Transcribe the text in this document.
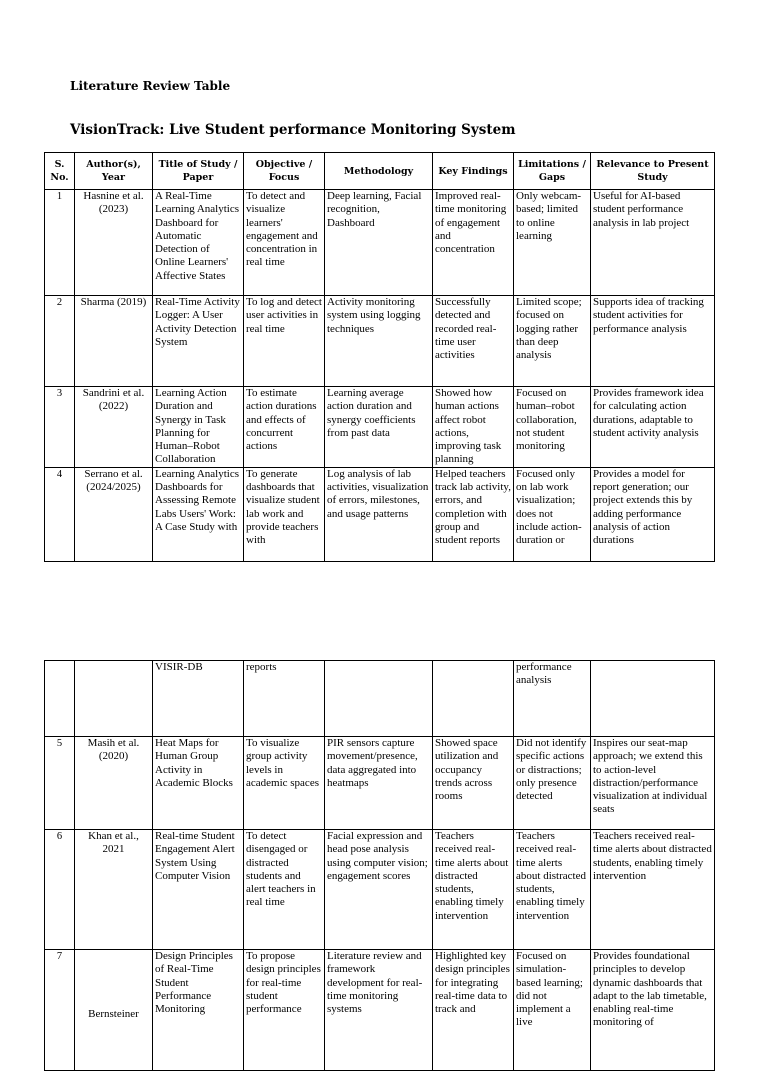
Literature Review Table
VisionTrack: Live Student performance Monitoring System
S. No.	Author(s), Year	Title of Study / Paper	Objective / Focus	Methodology	Key Findings	Limitations / Gaps	Relevance to Present Study
1	Hasnine et al. (2023)	A Real-Time Learning Analytics Dashboard for Automatic Detection of Online Learners' Affective States	To detect and visualize learners' engagement and concentration in real time	Deep learning, Facial recognition, Dashboard	Improved real-time monitoring of engagement and concentration	Only webcam-based; limited to online learning	Useful for AI-based student performance analysis in lab project
2	Sharma (2019)	Real-Time Activity Logger: A User Activity Detection System	To log and detect user activities in real time	Activity monitoring system using logging techniques	Successfully detected and recorded real-time user activities	Limited scope; focused on logging rather than deep analysis	Supports idea of tracking student activities for performance analysis
3	Sandrini et al. (2022)	Learning Action Duration and Synergy in Task Planning for Human–Robot Collaboration	To estimate action durations and effects of concurrent actions	Learning average action duration and synergy coefficients from past data	Showed how human actions affect robot actions, improving task planning	Focused on human–robot collaboration, not student monitoring	Provides framework idea for calculating action durations, adaptable to student activity analysis
4	Serrano et al. (2024/2025)	Learning Analytics Dashboards for Assessing Remote Labs Users' Work: A Case Study with	To generate dashboards that visualize student lab work and provide teachers with	Log analysis of lab activities, visualization of errors, milestones, and usage patterns	Helped teachers track lab activity, errors, and completion with group and student reports	Focused only on lab work visualization; does not include action-duration or	Provides a model for report generation; our project extends this by adding performance analysis of action durations
		VISIR-DB	reports			performance analysis	
5	Masih et al. (2020)	Heat Maps for Human Group Activity in Academic Blocks	To visualize group activity levels in academic spaces	PIR sensors capture movement/presence, data aggregated into heatmaps	Showed space utilization and occupancy trends across rooms	Did not identify specific actions or distractions; only presence detected	Inspires our seat-map approach; we extend this to action-level distraction/performance visualization at individual seats
6	Khan et al., 2021	Real-time Student Engagement Alert System Using Computer Vision	To detect disengaged or distracted students and alert teachers in real time	Facial expression and head pose analysis using computer vision; engagement scores	Teachers received real-time alerts about distracted students, enabling timely intervention	Teachers received real-time alerts about distracted students, enabling timely intervention	Teachers received real-time alerts about distracted students, enabling timely intervention
7	Bernsteiner	Design Principles of Real-Time Student Performance Monitoring	To propose design principles for real-time student performance	Literature review and framework development for real-time monitoring systems	Highlighted key design principles for integrating real-time data to track and	Focused on simulation-based learning; did not implement a live	Provides foundational principles to develop dynamic dashboards that adapt to the lab timetable, enabling real-time monitoring of
